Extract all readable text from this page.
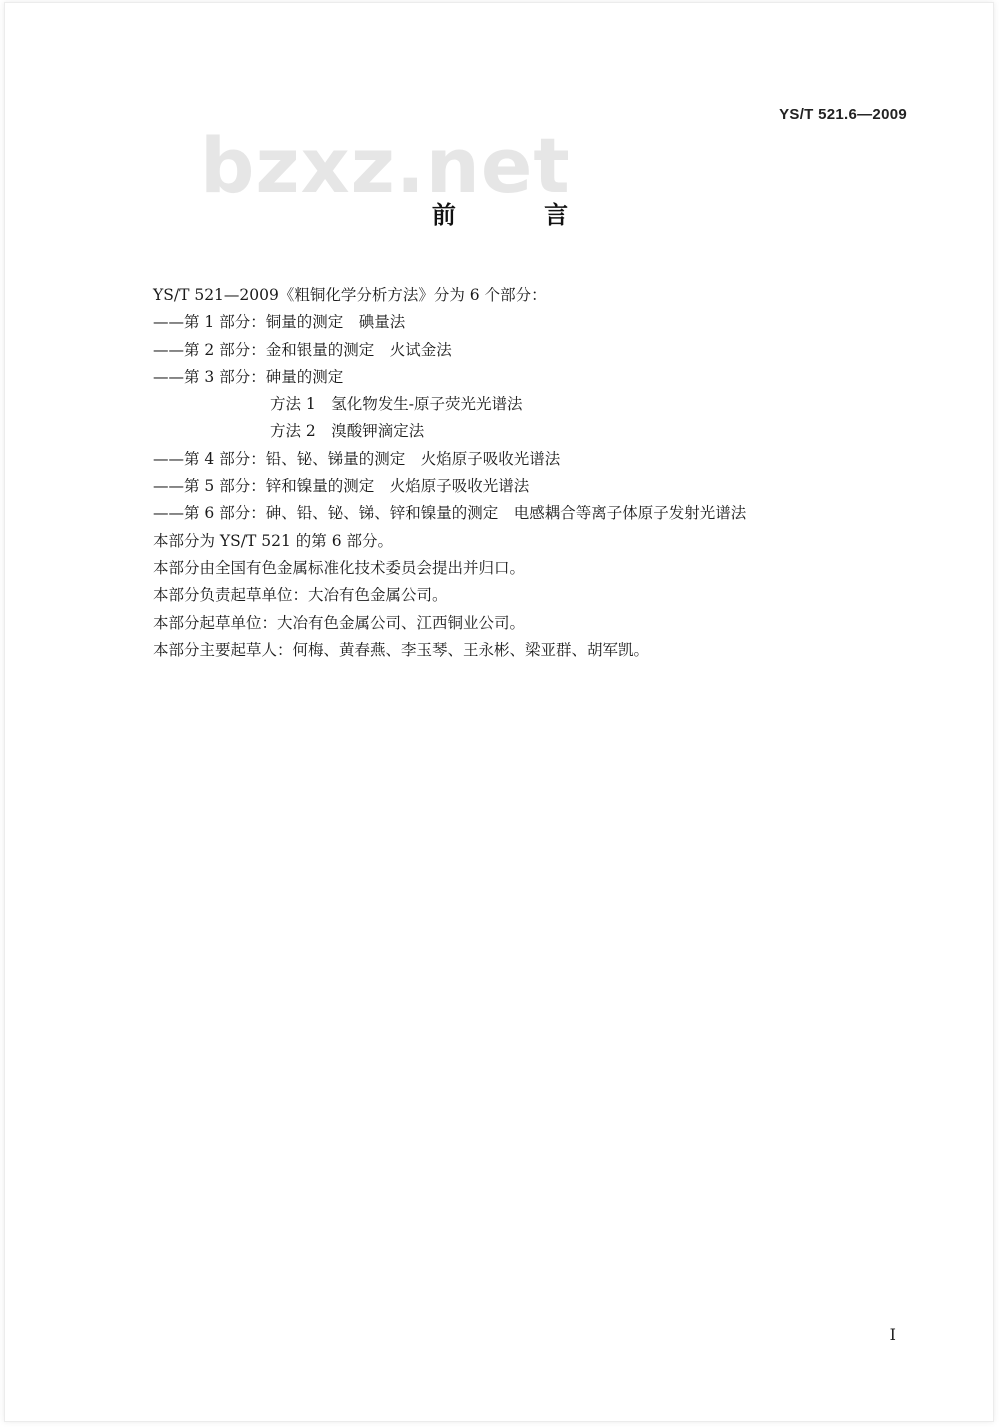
YS/T 521.6—2009
bzxz.net
前 言
YS/T 521—2009《粗铜化学分析方法》分为 6 个部分：
——第 1 部分：铜量的测定　碘量法
——第 2 部分：金和银量的测定　火试金法
——第 3 部分：砷量的测定
方法 1　氢化物发生-原子荧光光谱法
方法 2　溴酸钾滴定法
——第 4 部分：铅、铋、锑量的测定　火焰原子吸收光谱法
——第 5 部分：锌和镍量的测定　火焰原子吸收光谱法
——第 6 部分：砷、铅、铋、锑、锌和镍量的测定　电感耦合等离子体原子发射光谱法
本部分为 YS/T 521 的第 6 部分。
本部分由全国有色金属标准化技术委员会提出并归口。
本部分负责起草单位：大冶有色金属公司。
本部分起草单位：大冶有色金属公司、江西铜业公司。
本部分主要起草人：何梅、黄春燕、李玉琴、王永彬、梁亚群、胡军凯。
I
